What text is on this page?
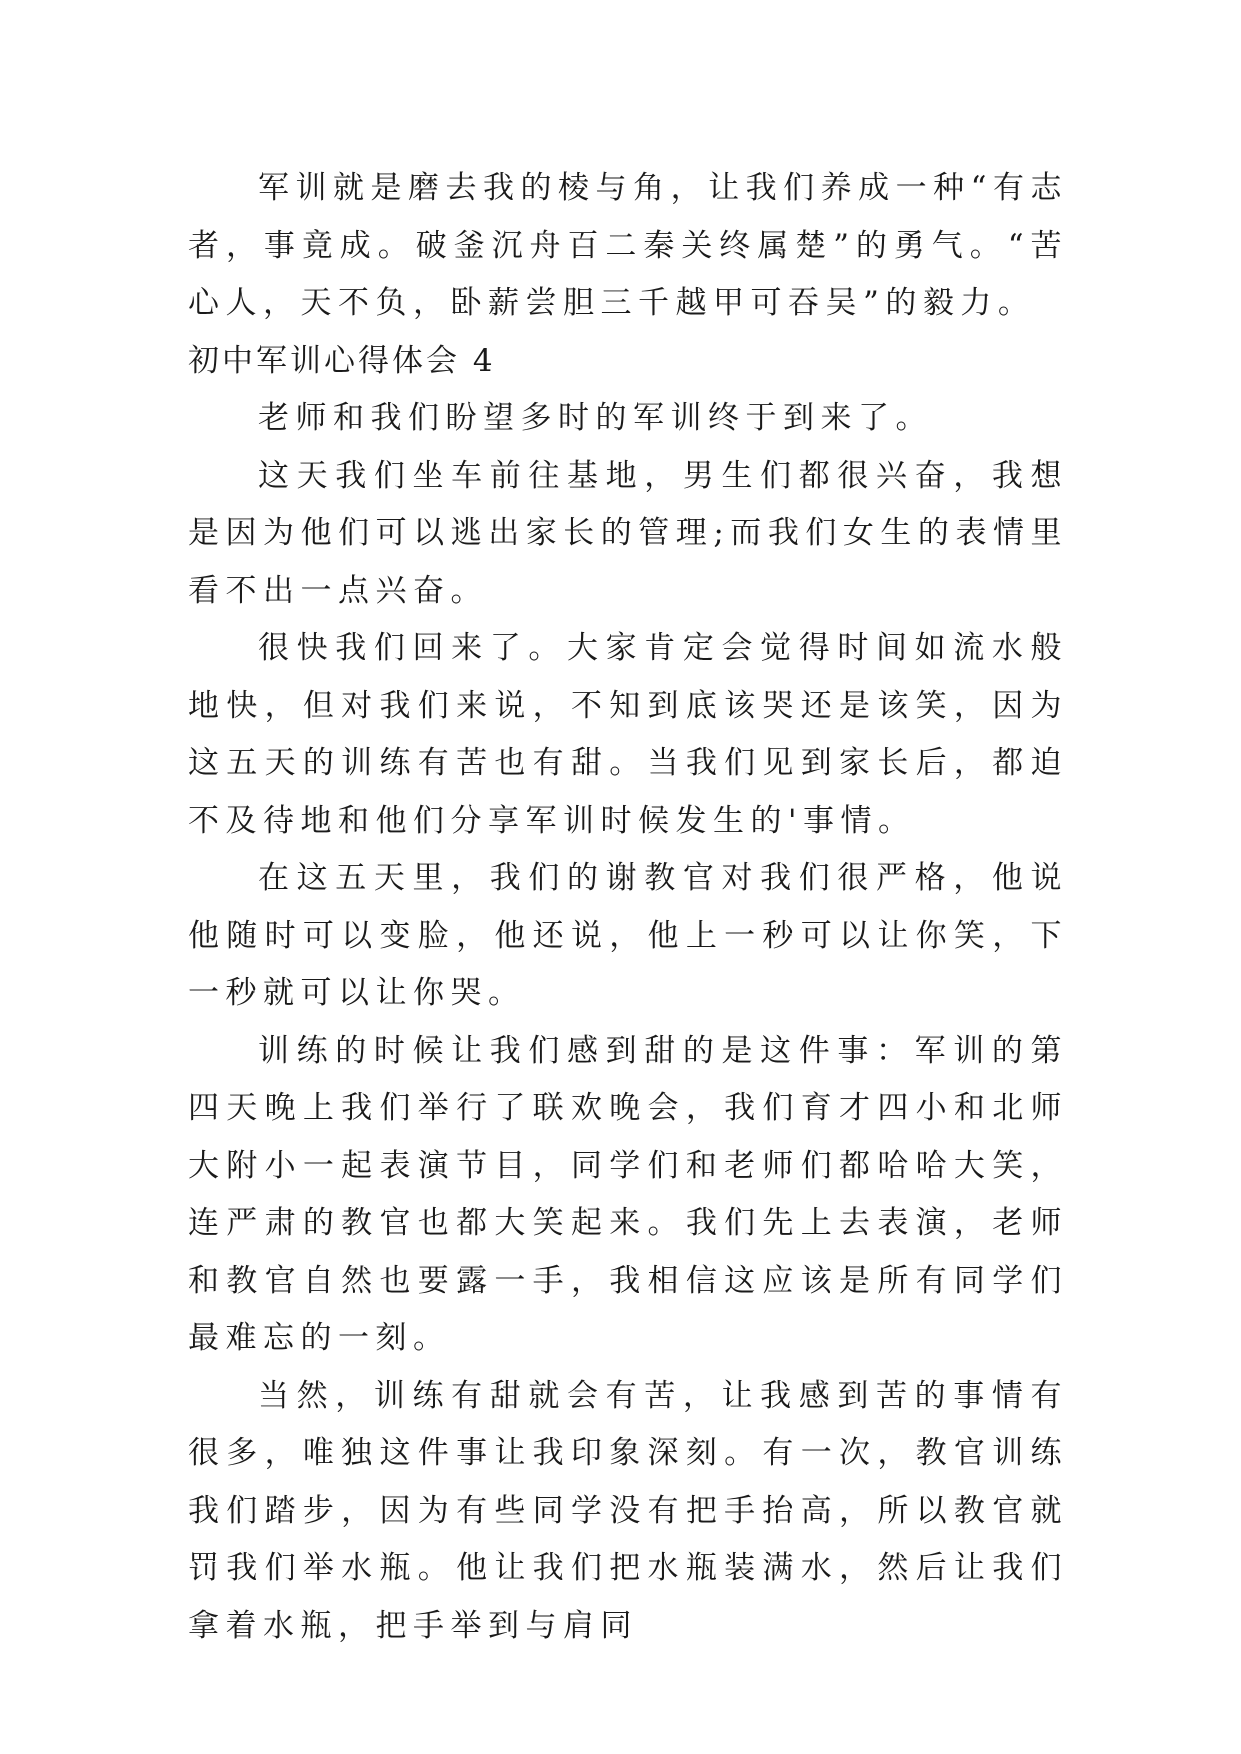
军训就是磨去我的棱与角，让我们养成一种“有志者，事竟成。破釜沉舟百二秦关终属楚”的勇气。“苦心人，天不负，卧薪尝胆三千越甲可吞吴”的毅力。

初中军训心得体会 4

老师和我们盼望多时的军训终于到来了。

这天我们坐车前往基地，男生们都很兴奋，我想是因为他们可以逃出家长的管理;而我们女生的表情里看不出一点兴奋。

很快我们回来了。大家肯定会觉得时间如流水般地快，但对我们来说，不知到底该哭还是该笑，因为这五天的训练有苦也有甜。当我们见到家长后，都迫不及待地和他们分享军训时候发生的'事情。

在这五天里，我们的谢教官对我们很严格，他说他随时可以变脸，他还说，他上一秒可以让你笑，下一秒就可以让你哭。

训练的时候让我们感到甜的是这件事：军训的第四天晚上我们举行了联欢晚会，我们育才四小和北师大附小一起表演节目，同学们和老师们都哈哈大笑，连严肃的教官也都大笑起来。我们先上去表演，老师和教官自然也要露一手，我相信这应该是所有同学们最难忘的一刻。

当然，训练有甜就会有苦，让我感到苦的事情有很多，唯独这件事让我印象深刻。有一次，教官训练我们踏步，因为有些同学没有把手抬高，所以教官就罚我们举水瓶。他让我们把水瓶装满水，然后让我们拿着水瓶，把手举到与肩同
